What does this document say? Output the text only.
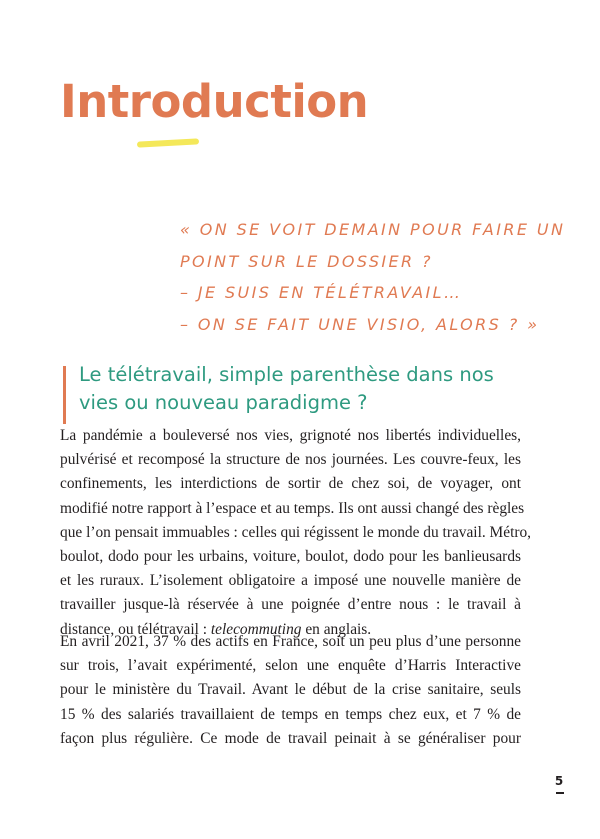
Introduction
« ON SE VOIT DEMAIN POUR FAIRE UN
POINT SUR LE DOSSIER ?
– JE SUIS EN TÉLÉTRAVAIL…
– ON SE FAIT UNE VISIO, ALORS ? »
Le télétravail, simple parenthèse dans nos vies ou nouveau paradigme ?

La pandémie a bouleversé nos vies, grignoté nos libertés individuelles,
pulvérisé et recomposé la structure de nos journées. Les couvre-feux, les
confinements, les interdictions de sortir de chez soi, de voyager, ont
modifié notre rapport à l’espace et au temps. Ils ont aussi changé des règles
que l’on pensait immuables : celles qui régissent le monde du travail. Métro,
boulot, dodo pour les urbains, voiture, boulot, dodo pour les banlieusards
et les ruraux. L’isolement obligatoire a imposé une nouvelle manière de
travailler jusque-là réservée à une poignée d’entre nous : le travail à
distance, ou télétravail : telecommuting en anglais.

En avril 2021, 37 % des actifs en France, soit un peu plus d’une personne
sur trois, l’avait expérimenté, selon une enquête d’Harris Interactive
pour le ministère du Travail. Avant le début de la crise sanitaire, seuls
15 % des salariés travaillaient de temps en temps chez eux, et 7 % de
façon plus régulière. Ce mode de travail peinait à se généraliser pour

5
